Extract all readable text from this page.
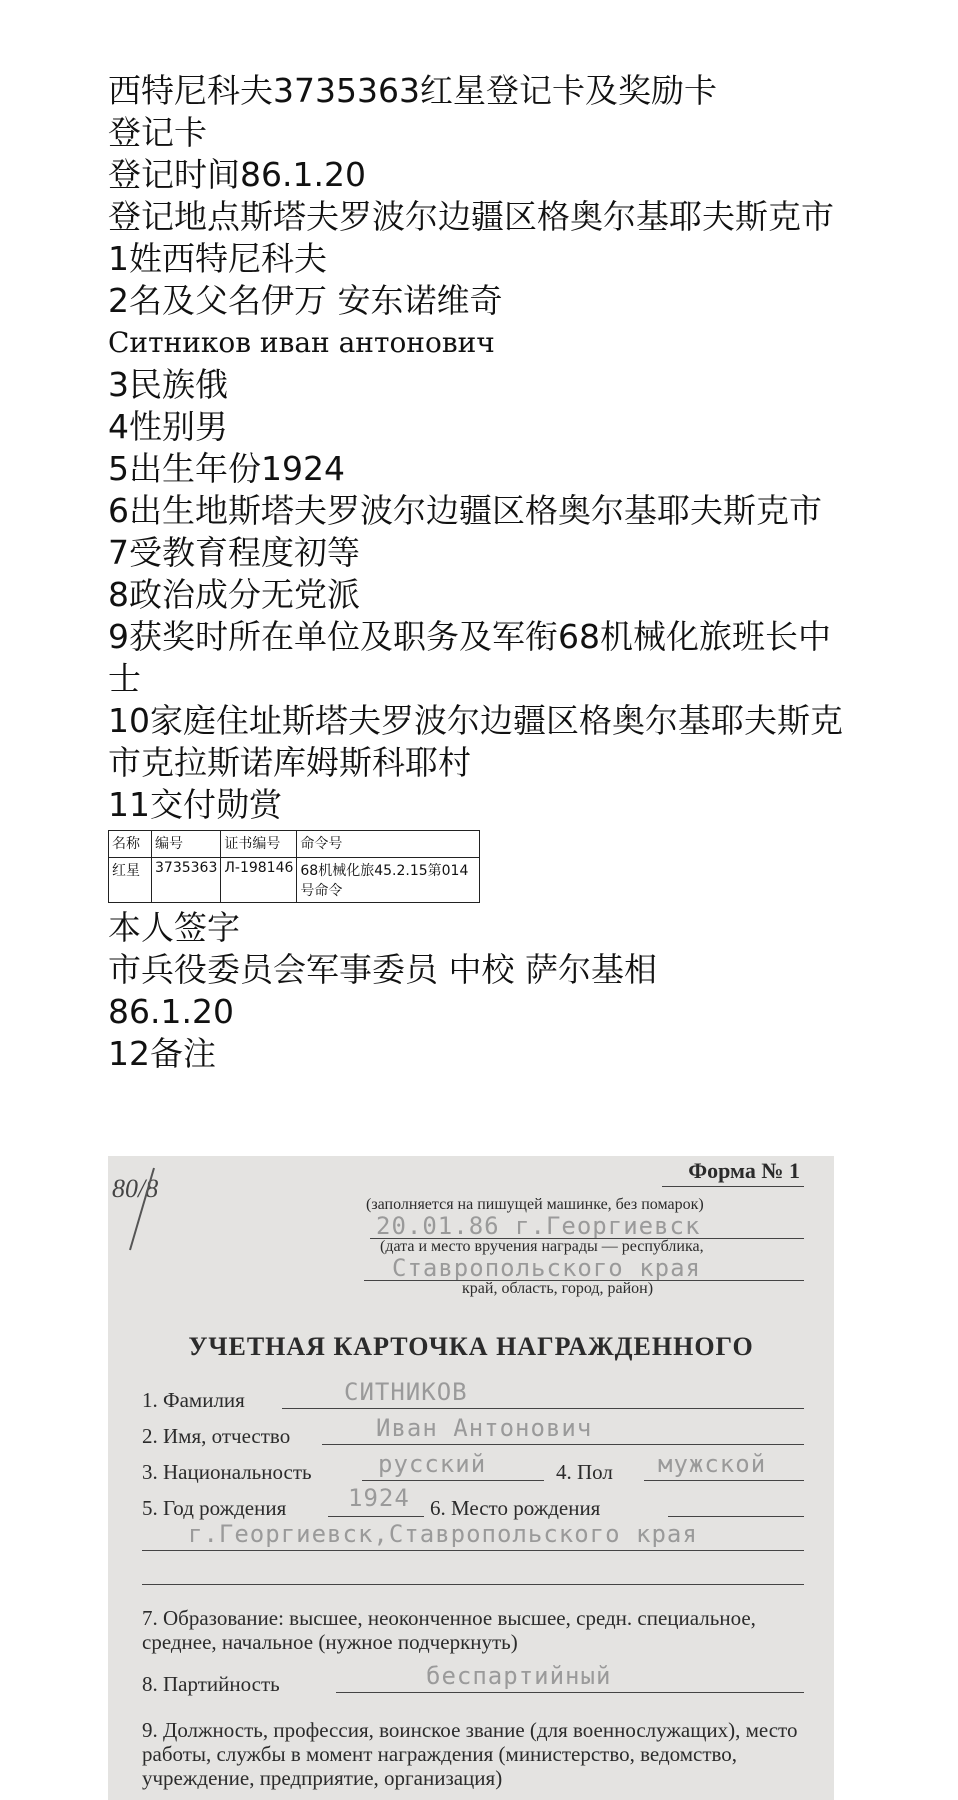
西特尼科夫3735363红星登记卡及奖励卡

登记卡

登记时间86.1.20

登记地点斯塔夫罗波尔边疆区格奥尔基耶夫斯克市

1姓西特尼科夫

2名及父名伊万 安东诺维奇

Ситников иван антонович

3民族俄

4性别男

5出生年份1924

6出生地斯塔夫罗波尔边疆区格奥尔基耶夫斯克市

7受教育程度初等

8政治成分无党派

9获奖时所在单位及职务及军衔68机械化旅班长中士

10家庭住址斯塔夫罗波尔边疆区格奥尔基耶夫斯克市克拉斯诺库姆斯科耶村

11交付勋赏

名称	编号	证书编号	命令号
红星	3735363	Л-198146	68机械化旅45.2.15第014号命令

本人签字

市兵役委员会军事委员 中校 萨尔基相

86.1.20

12备注

80/8
Форма № 1
(заполняется на пишущей машинке, без помарок)
20.01.86 г.Георгиевск
(дата и место вручения награды — республика,
Ставропольского края
край, область, город, район)
УЧЕТНАЯ КАРТОЧКА НАГРАЖДЕННОГО
1. Фамилия	СИТНИКОВ
2. Имя, отчество	Иван Антонович
3. Национальность	русский	4. Пол мужской
5. Год рождения	1924 6. Место рождения
г.Георгиевск,Ставропольского края
7. Образование: высшее, неоконченное высшее, средн. специальное, среднее, начальное (нужное подчеркнуть)
8. Партийность	беспартийный
9. Должность, профессия, воинское звание (для военнослужащих), место работы, службы в момент награждения (министерство, ведомство, учреждение, предприятие, организация)
